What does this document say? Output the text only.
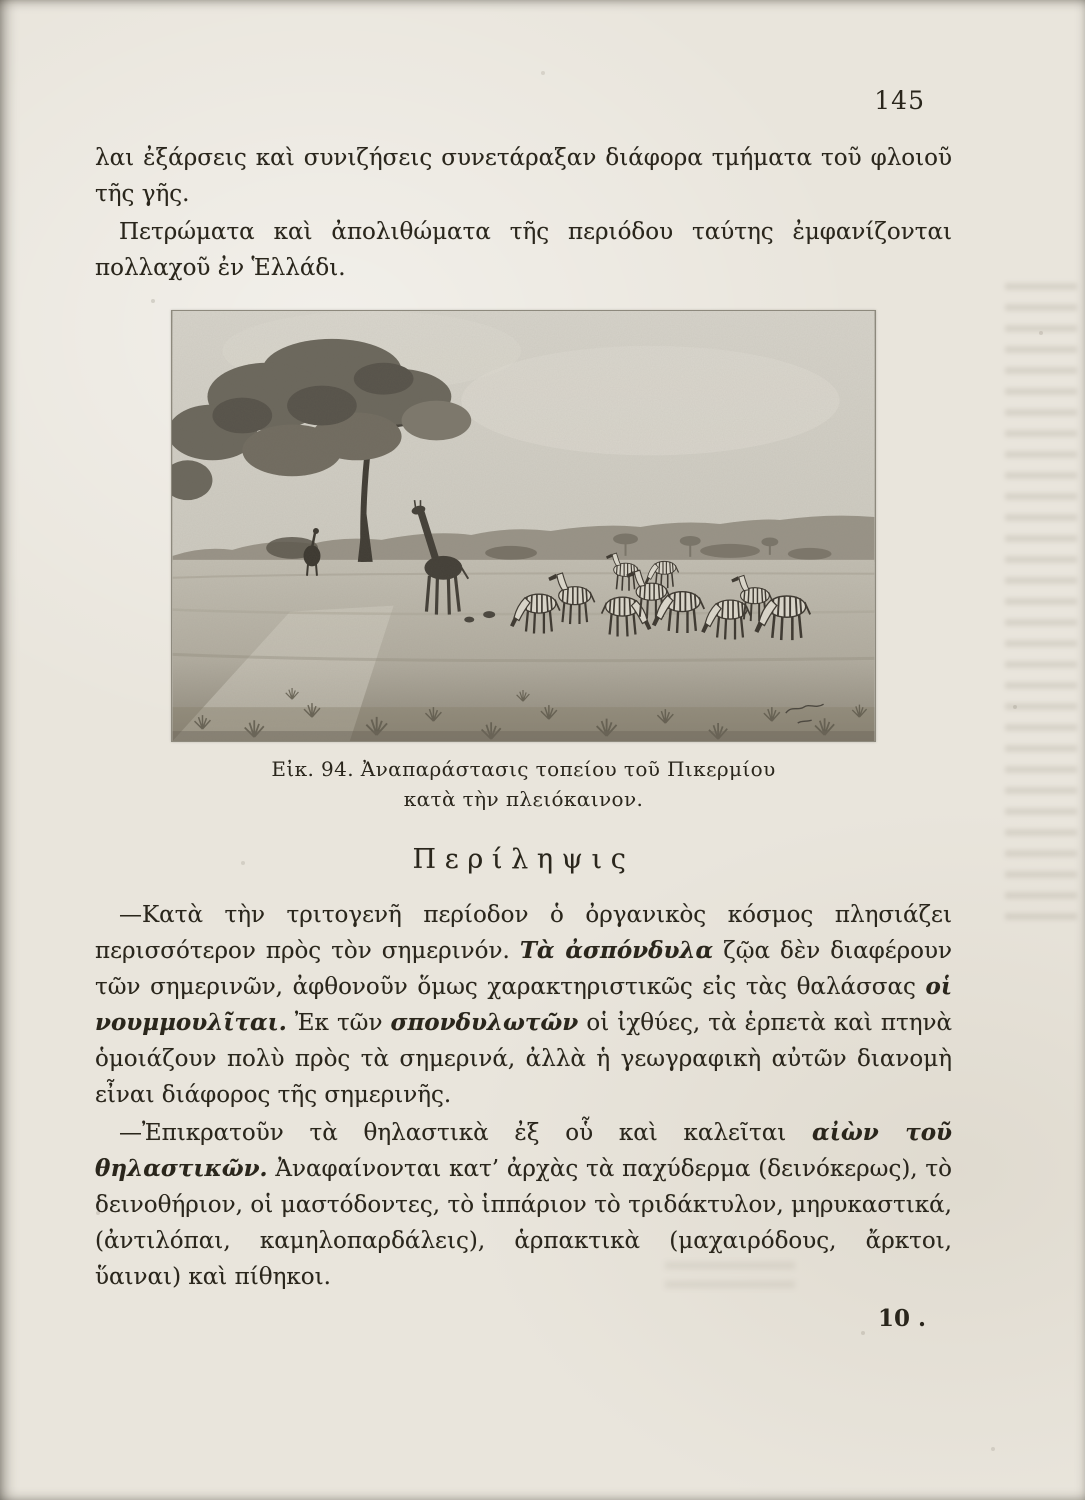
145

λαι ἐξάρσεις καὶ συνιζήσεις συνετάραξαν διάφορα τμήματα τοῦ φλοιοῦ τῆς γῆς.

Πετρώματα καὶ ἀπολιθώματα τῆς περιόδου ταύτης ἐμφανίζονται πολλαχοῦ ἐν Ἑλλάδι.

Εἰκ. 94. Ἀναπαράστασις τοπείου τοῦ Πικερμίου
κατὰ τὴν πλειόκαινον.
Περίληψις

—Κατὰ τὴν τριτογενῆ περίοδον ὁ ὀργανικὸς κόσμος πλησιάζει περισσότερον πρὸς τὸν σημερινόν. Τὰ ἀσπόνδυλα ζῷα δὲν διαφέρουν τῶν σημερινῶν, ἀφθονοῦν ὅμως χαρακτηριστικῶς εἰς τὰς θαλάσσας οἱ νουμμουλῖται. Ἐκ τῶν σπονδυλωτῶν οἱ ἰχθύες, τὰ ἑρπετὰ καὶ πτηνὰ ὁμοιάζουν πολὺ πρὸς τὰ σημερινά, ἀλλὰ ἡ γεωγραφικὴ αὐτῶν διανομὴ εἶναι διάφορος τῆς σημερινῆς.

—Ἐπικρατοῦν τὰ θηλαστικὰ ἐξ οὗ καὶ καλεῖται αἰὼν τοῦ θηλαστικῶν. Ἀναφαίνονται κατ’ ἀρχὰς τὰ παχύδερμα (δεινόκερως), τὸ δεινοθήριον, οἱ μαστόδοντες, τὸ ἱππάριον τὸ τριδάκτυλον, μηρυκαστικά, (ἀντιλόπαι, καμηλοπαρδάλεις), ἁρπακτικὰ (μαχαιρόδους, ἄρκτοι, ὕαιναι) καὶ πίθηκοι.

10 .
